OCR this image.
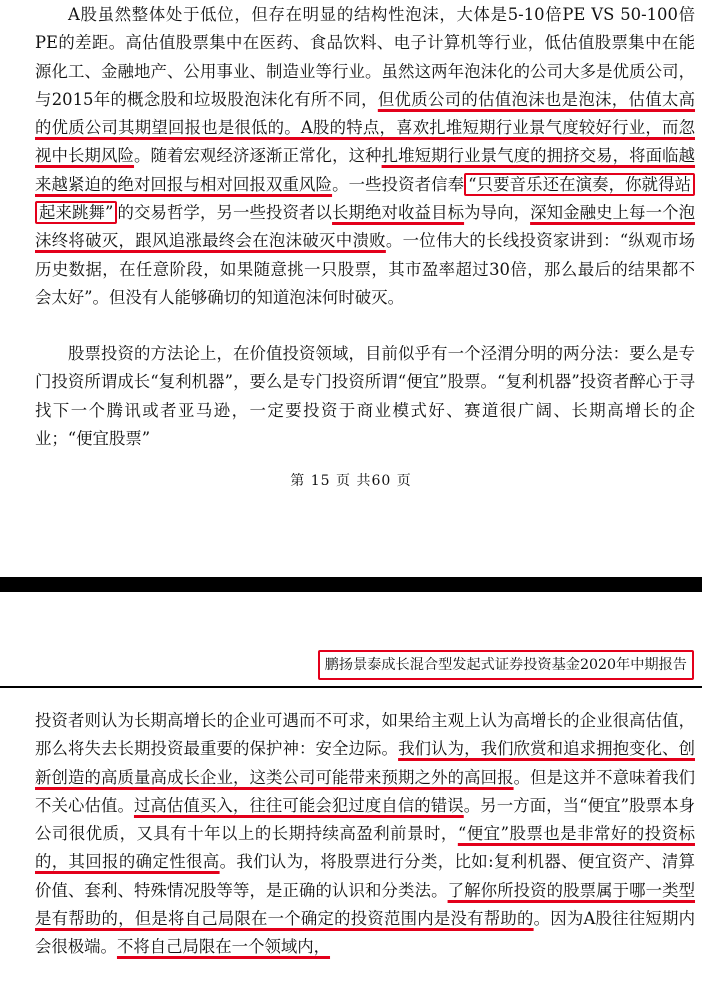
A股虽然整体处于低位，但存在明显的结构性泡沫，大体是5-10倍PE VS 50-100倍PE的差距。高估值股票集中在医药、食品饮料、电子计算机等行业，低估值股票集中在能源化工、金融地产、公用事业、制造业等行业。虽然这两年泡沫化的公司大多是优质公司，与2015年的概念股和垃圾股泡沫化有所不同，但优质公司的估值泡沫也是泡沫，估值太高的优质公司其期望回报也是很低的。A股的特点，喜欢扎堆短期行业景气度较好行业，而忽视中长期风险。随着宏观经济逐渐正常化，这种扎堆短期行业景气度的拥挤交易，将面临越来越紧迫的绝对回报与相对回报双重风险。一些投资者信奉 “只要音乐还在演奏，你就得站起来跳舞” 的交易哲学，另一些投资者以长期绝对收益目标为导向，深知金融史上每一个泡沫终将破灭，跟风追涨最终会在泡沫破灭中溃败。一位伟大的长线投资家讲到：“纵观市场历史数据，在任意阶段，如果随意挑一只股票，其市盈率超过30倍，那么最后的结果都不会太好”。但没有人能够确切的知道泡沫何时破灭。

股票投资的方法论上，在价值投资领域，目前似乎有一个泾渭分明的两分法：要么是专门投资所谓成长“复利机器”，要么是专门投资所谓“便宜”股票。“复利机器”投资者醉心于寻找下一个腾讯或者亚马逊，一定要投资于商业模式好、赛道很广阔、长期高增长的企业；“便宜股票”

第 15 页 共60 页

鹏扬景泰成长混合型发起式证券投资基金2020年中期报告

投资者则认为长期高增长的企业可遇而不可求，如果给主观上认为高增长的企业很高估值，那么将失去长期投资最重要的保护神：安全边际。我们认为，我们欣赏和追求拥抱变化、创新创造的高质量高成长企业，这类公司可能带来预期之外的高回报。但是这并不意味着我们不关心估值。过高估值买入，往往可能会犯过度自信的错误。另一方面，当“便宜”股票本身公司很优质，又具有十年以上的长期持续高盈利前景时，“便宜”股票也是非常好的投资标的，其回报的确定性很高。我们认为，将股票进行分类，比如:复利机器、便宜资产、清算价值、套利、特殊情况股等等，是正确的认识和分类法。了解你所投资的股票属于哪一类型是有帮助的，但是将自己局限在一个确定的投资范围内是没有帮助的。因为A股往往短期内会很极端。不将自己局限在一个领域内，
